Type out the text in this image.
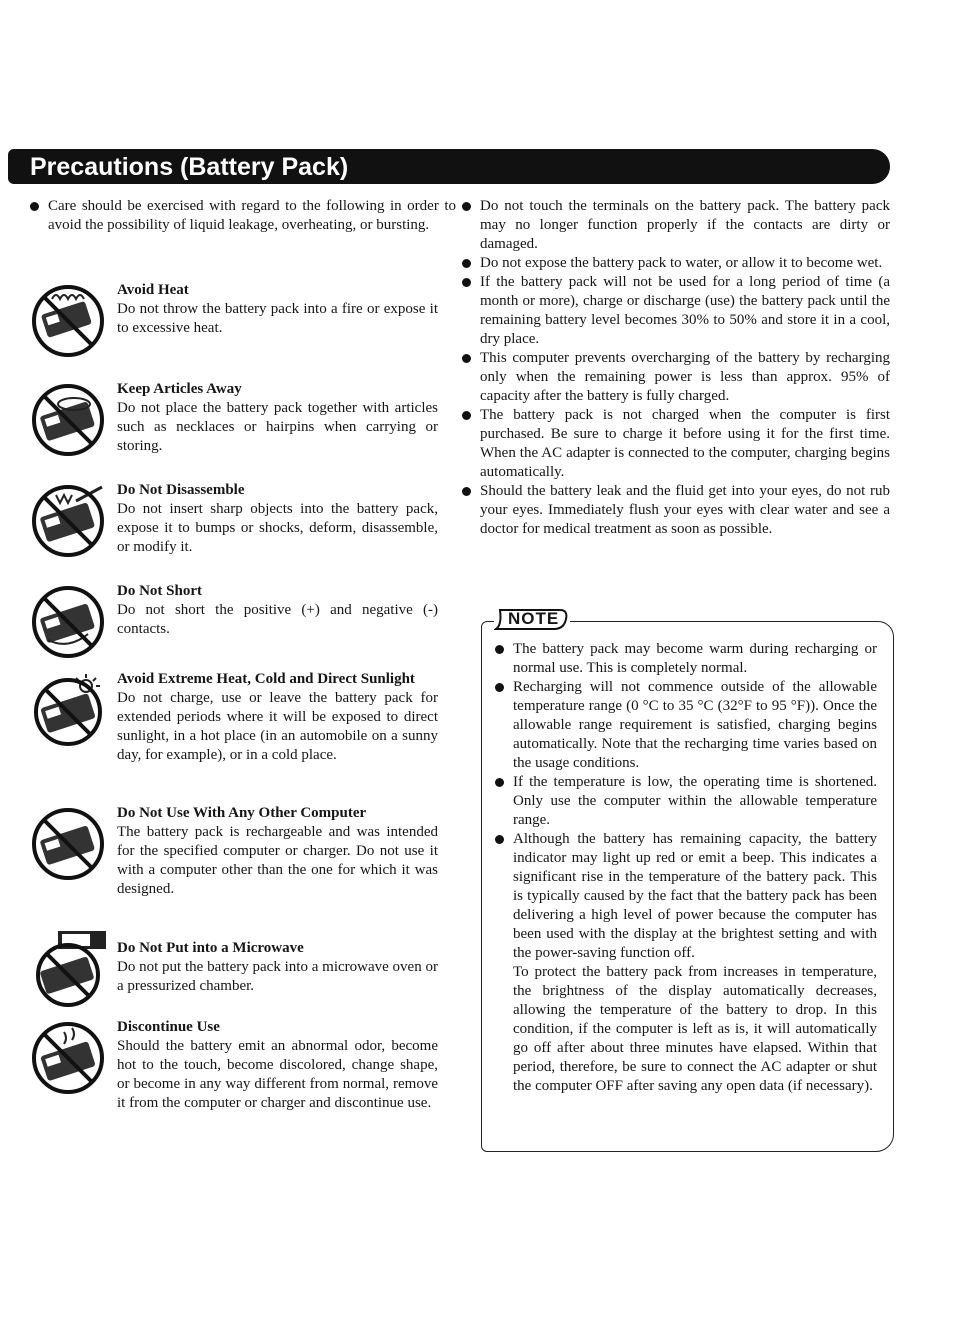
Precautions (Battery Pack)
Care should be exercised with regard to the following in order to avoid the possibility of liquid leakage, overheating, or bursting.
Avoid Heat
Do not throw the battery pack into a fire or expose it to excessive heat.
Keep Articles Away
Do not place the battery pack together with articles such as necklaces or hairpins when carrying or storing.
Do Not Disassemble
Do not insert sharp objects into the battery pack, expose it to bumps or shocks, deform, disassemble, or modify it.
Do Not Short
Do not short the positive (+) and negative (-) contacts.
Avoid Extreme Heat, Cold and Direct Sunlight
Do not charge, use or leave the battery pack for extended periods where it will be exposed to direct sunlight, in a hot place (in an automobile on a sunny day, for example), or in a cold place.
Do Not Use With Any Other Computer
The battery pack is rechargeable and was intended for the specified computer or charger. Do not use it with a computer other than the one for which it was designed.
Do Not Put into a Microwave
Do not put the battery pack into a microwave oven or a pressurized chamber.
Discontinue Use
Should the battery emit an abnormal odor, become hot to the touch, become discolored, change shape, or become in any way different from normal, remove it from the computer or charger and discontinue use.
Do not touch the terminals on the battery pack. The battery pack may no longer function properly if the contacts are dirty or damaged.
Do not expose the battery pack to water, or allow it to become wet.
If the battery pack will not be used for a long period of time (a month or more), charge or discharge (use) the battery pack until the remaining battery level becomes 30% to 50% and store it in a cool, dry place.
This computer prevents overcharging of the battery by recharging only when the remaining power is less than approx. 95% of capacity after the battery is fully charged.
The battery pack is not charged when the computer is first purchased. Be sure to charge it before using it for the first time. When the AC adapter is connected to the computer, charging begins automatically.
Should the battery leak and the fluid get into your eyes, do not rub your eyes. Immediately flush your eyes with clear water and see a doctor for medical treatment as soon as possible.
NOTE
The battery pack may become warm during recharging or normal use. This is completely normal.
Recharging will not commence outside of the allowable temperature range (0 °C to 35 °C (32°F to 95 °F)). Once the allowable range requirement is satisfied, charging begins automatically. Note that the recharging time varies based on the usage conditions.
If the temperature is low, the operating time is shortened. Only use the computer within the allowable temperature range.
Although the battery has remaining capacity, the battery indicator may light up red or emit a beep. This indicates a significant rise in the temperature of the battery pack. This is typically caused by the fact that the battery pack has been delivering a high level of power because the computer has been used with the display at the brightest setting and with the power-saving function off.
To protect the battery pack from increases in temperature, the brightness of the display automatically decreases, allowing the temperature of the battery to drop. In this condition, if the computer is left as is, it will automatically go off after about three minutes have elapsed. Within that period, therefore, be sure to connect the AC adapter or shut the computer OFF after saving any open data (if necessary).
